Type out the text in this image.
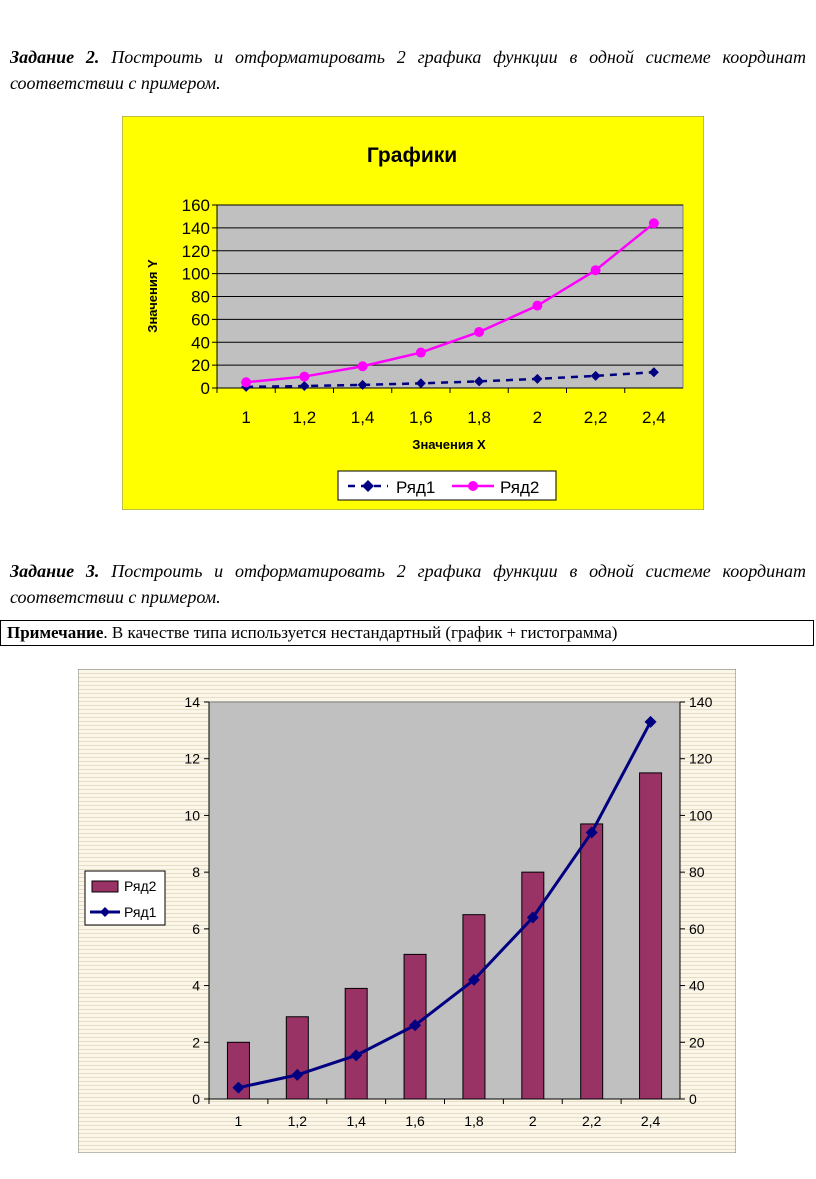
Задание 2. Построить и отформатировать 2 графика функции в одной системе координат соответствии с примером.
Графики
0
20
40
60
80
100
120
140
160
1 1,2 1,4 1,6 1,8 2 2,2 2,4
Значения X
Значения Y
Ряд1	Ряд2
Задание 3. Построить и отформатировать 2 графика функции в одной системе координат соответствии с примером.
Примечание. В качестве типа используется нестандартный (график + гистограмма)
0
2
4
6
8
10
12
14
0
20
40
60
80
100
120
140
1	1,2	1,4	1,6	1,8	2	2,2	2,4
Ряд2
Ряд1
